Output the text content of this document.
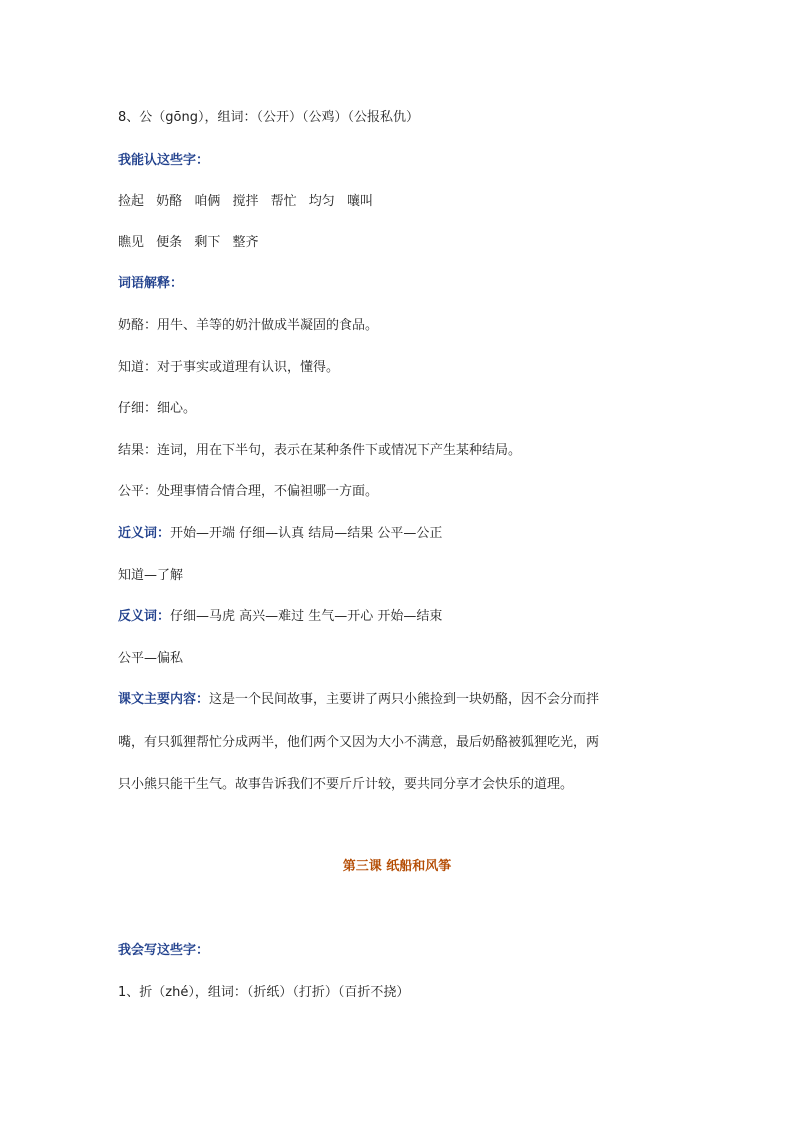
8、公（gōng），组词：（公开）（公鸡）（公报私仇）
我能认这些字：
捡起 奶酪 咱俩 搅拌 帮忙 均匀 嚷叫
瞧见 便条 剩下 整齐
词语解释：
奶酪：用牛、羊等的奶汁做成半凝固的食品。
知道：对于事实或道理有认识，懂得。
仔细：细心。
结果：连词，用在下半句，表示在某种条件下或情况下产生某种结局。
公平：处理事情合情合理，不偏袒哪一方面。
近义词：开始—开端 仔细—认真 结局—结果 公平—公正
知道—了解
反义词：仔细—马虎 高兴—难过 生气—开心 开始—结束
公平—偏私
课文主要内容：这是一个民间故事，主要讲了两只小熊捡到一块奶酪，因不会分而拌
嘴，有只狐狸帮忙分成两半，他们两个又因为大小不满意，最后奶酪被狐狸吃光，两
只小熊只能干生气。故事告诉我们不要斤斤计较，要共同分享才会快乐的道理。
第三课 纸船和风筝
我会写这些字：
1、折（zhé），组词：（折纸）（打折）（百折不挠）
